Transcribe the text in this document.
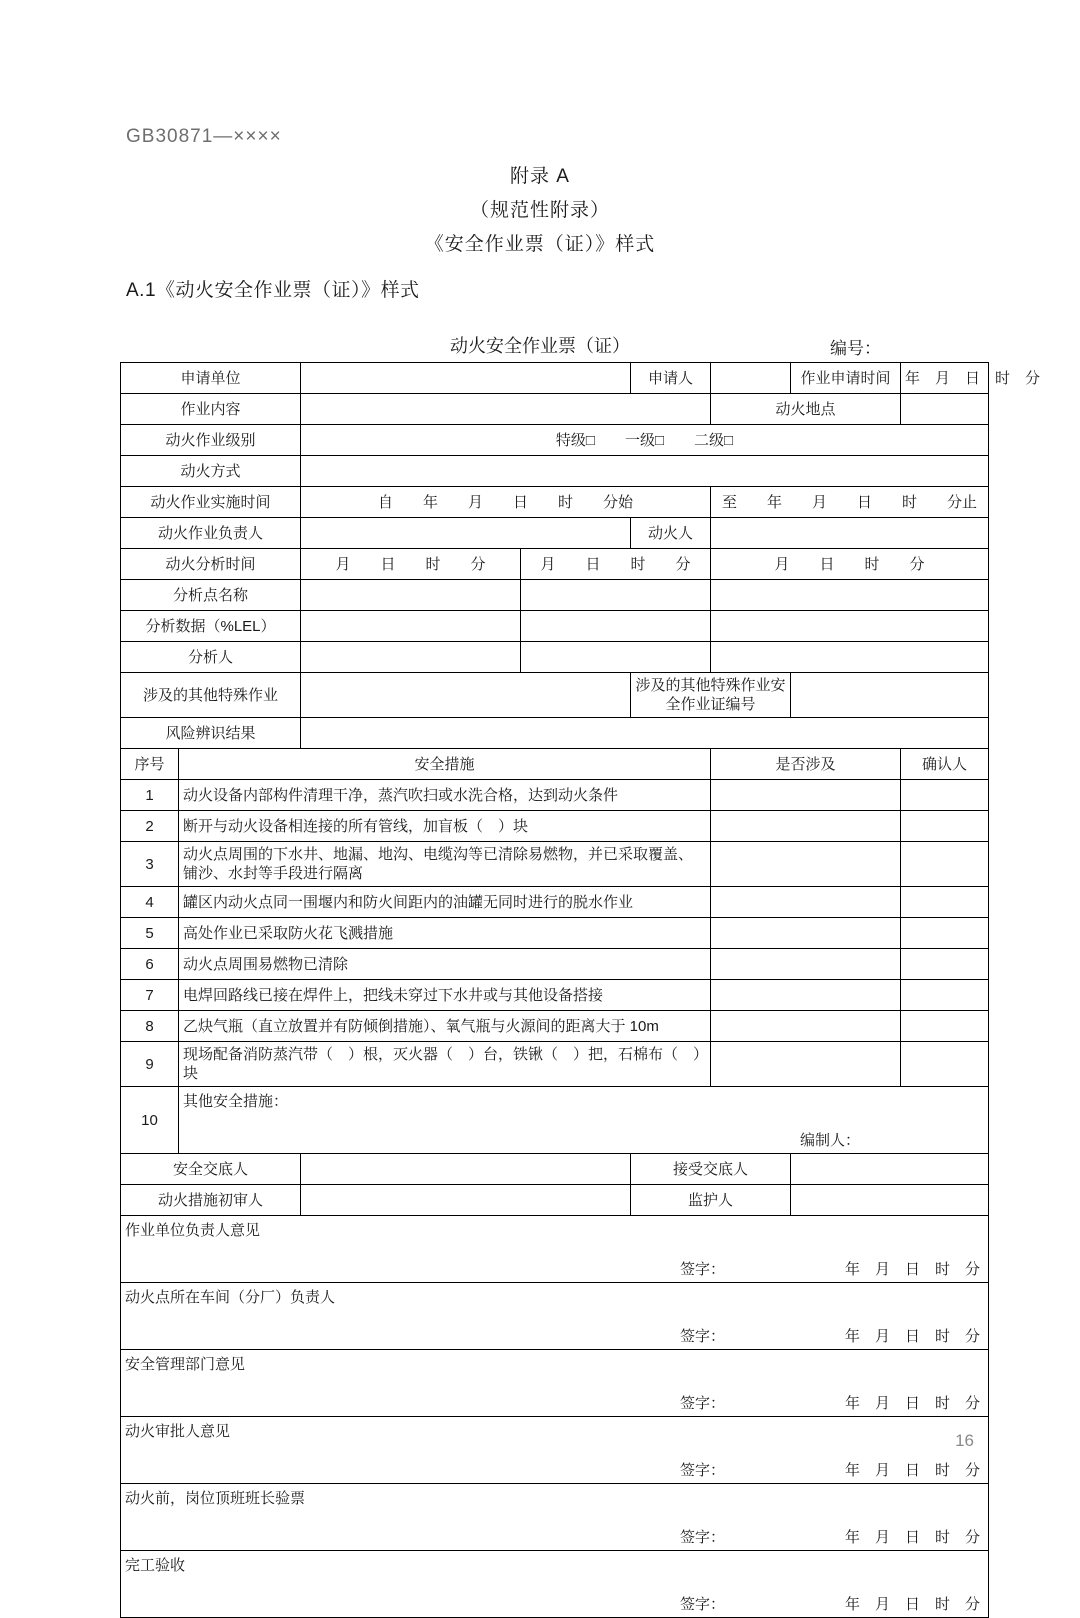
GB30871—××××
附录 A
（规范性附录）
《安全作业票（证）》样式
A.1《动火安全作业票（证）》样式
动火安全作业票（证）	编号：
申请单位				申请人		作业申请时间	年　月　日　时　分
作业内容					动火地点		
动火作业级别		特级□　　一级□　　二级□					
动火方式							
动火作业实施时间		自　　年　　月　　日　　时　　分始			至　　年　　月　　日　　时　　分止		
动火作业负责人				动火人			
动火分析时间		月　　日　　时　　分	月　　日　　时　　分		月　　日　　时　　分		
分析点名称							
分析数据（%LEL）							
分析人							
涉及的其他特殊作业				涉及的其他特殊作业安全作业证编号			
风险辨识结果							
序号	安全措施				是否涉及		确认人
1	动火设备内部构件清理干净，蒸汽吹扫或水洗合格，达到动火条件						
2	断开与动火设备相连接的所有管线，加盲板（　）块						
3	动火点周围的下水井、地漏、地沟、电缆沟等已清除易燃物，并已采取覆盖、铺沙、水封等手段进行隔离						
4	罐区内动火点同一围堰内和防火间距内的油罐无同时进行的脱水作业						
5	高处作业已采取防火花飞溅措施						
6	动火点周围易燃物已清除						
7	电焊回路线已接在焊件上，把线未穿过下水井或与其他设备搭接						
8	乙炔气瓶（直立放置并有防倾倒措施）、氧气瓶与火源间的距离大于 10m						
9	现场配备消防蒸汽带（　）根，灭火器（　）台，铁锹（　）把，石棉布（　）块						
10	其他安全措施：
编制人：						

安全交底人				接受交底人			
动火措施初审人				监护人			

作业单位负责人意见
签字： 年　月　日　时　分							

动火点所在车间（分厂）负责人
签字： 年　月　日　时　分							

安全管理部门意见
签字： 年　月　日　时　分							

动火审批人意见
签字： 年　月　日　时　分							

动火前，岗位顶班班长验票
签字： 年　月　日　时　分							

完工验收
签字： 年　月　日　时　分							
16
